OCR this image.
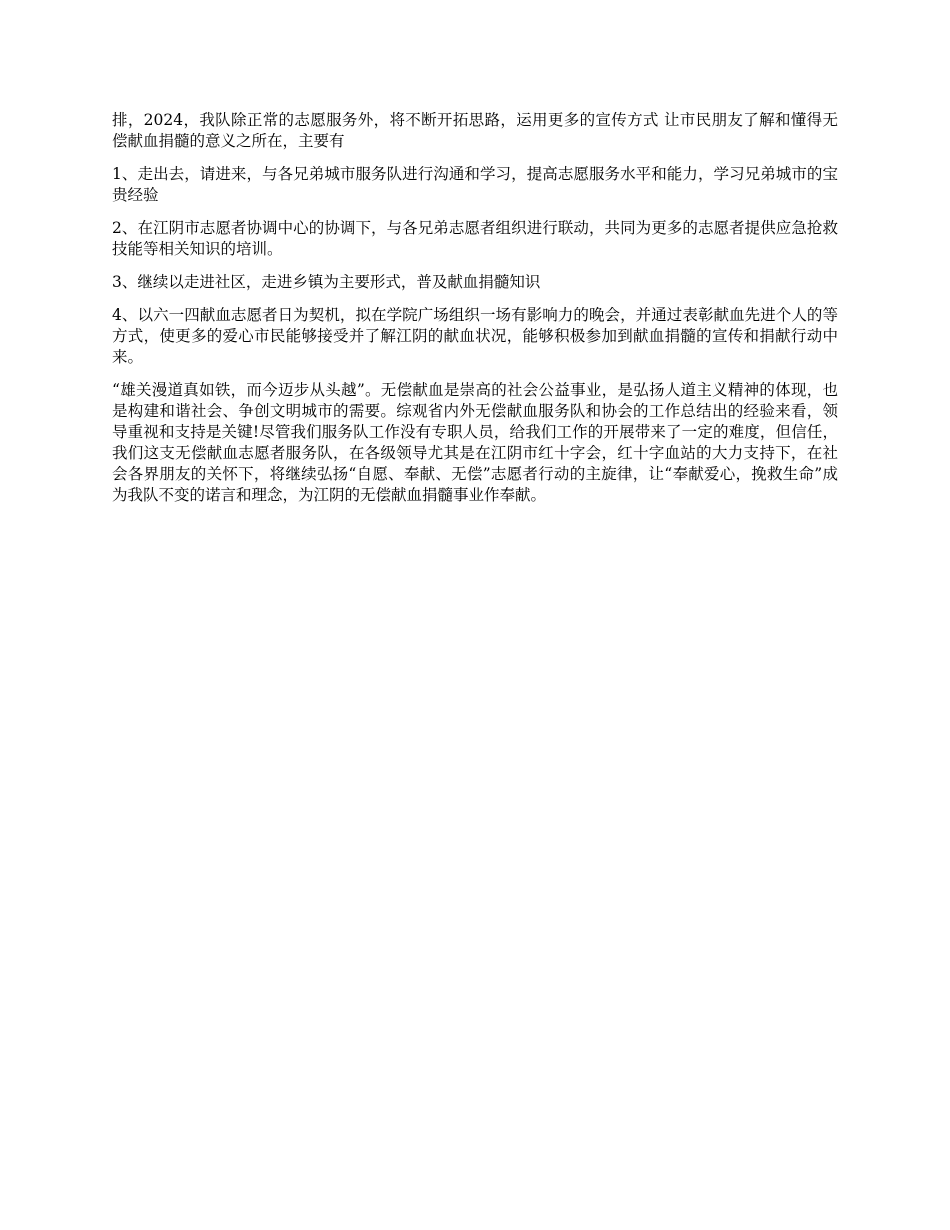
排，2024，我队除正常的志愿服务外，将不断开拓思路，运用更多的宣传方式 让市民朋友了解和懂得无偿献血捐髓的意义之所在，主要有

1、走出去，请进来，与各兄弟城市服务队进行沟通和学习，提高志愿服务水平和能力，学习兄弟城市的宝贵经验

2、在江阴市志愿者协调中心的协调下，与各兄弟志愿者组织进行联动，共同为更多的志愿者提供应急抢救技能等相关知识的培训。

3、继续以走进社区，走进乡镇为主要形式，普及献血捐髓知识

4、以六一四献血志愿者日为契机，拟在学院广场组织一场有影响力的晚会，并通过表彰献血先进个人的等方式，使更多的爱心市民能够接受并了解江阴的献血状况，能够积极参加到献血捐髓的宣传和捐献行动中来。

“雄关漫道真如铁，而今迈步从头越”。无偿献血是崇高的社会公益事业，是弘扬人道主义精神的体现，也是构建和谐社会、争创文明城市的需要。综观省内外无偿献血服务队和协会的工作总结出的经验来看，领导重视和支持是关键!尽管我们服务队工作没有专职人员，给我们工作的开展带来了一定的难度，但信任，我们这支无偿献血志愿者服务队，在各级领导尤其是在江阴市红十字会，红十字血站的大力支持下，在社会各界朋友的关怀下，将继续弘扬“自愿、奉献、无偿”志愿者行动的主旋律，让“奉献爱心，挽救生命”成为我队不变的诺言和理念，为江阴的无偿献血捐髓事业作奉献。
